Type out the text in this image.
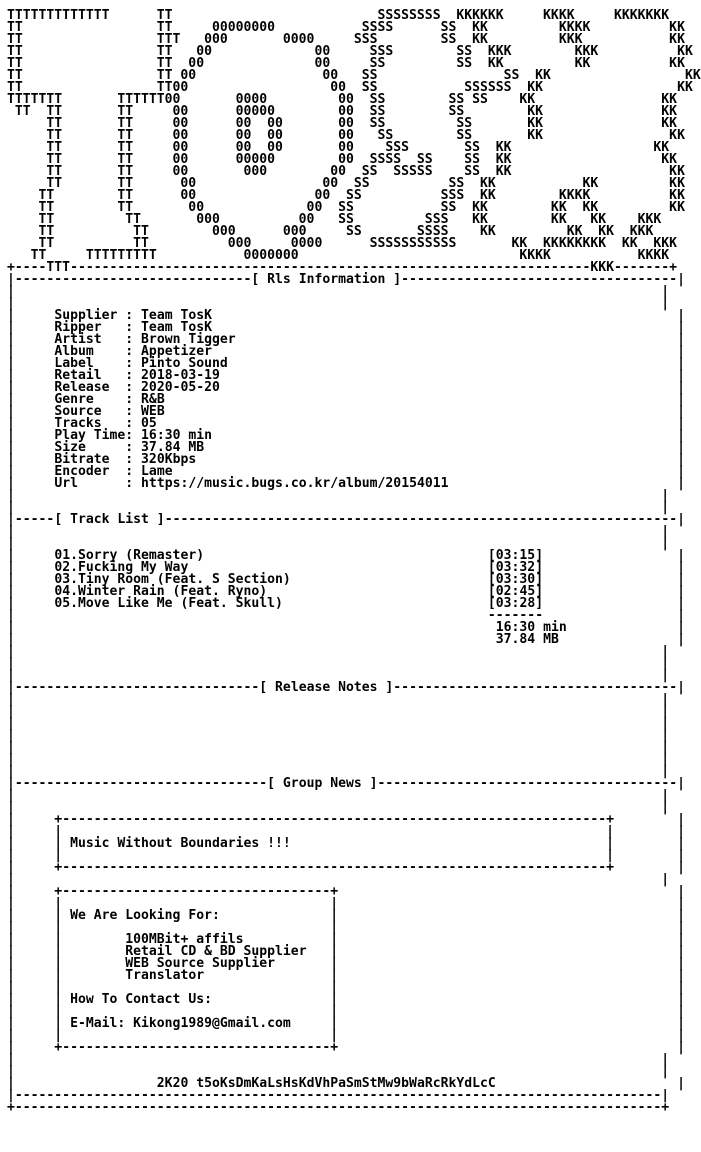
TTTTTTTTTTTTT      TT                          SSSSSSSS  KKKKKK     KKKK     KKKKKKK
TT                 TT     00000000           SSSS      SS  KK         KKKK          KK
TT                 TTT   000       0000     SSS        SS  KK         KKK           KK
TT                 TT   00             00     SSS        SS  KKK        KKK          KK
TT                 TT  00              00     SS         SS  KK         KK          KK
TT                 TT 00                00   SS                SS  KK                 KK
TT                 TT00                  00  SS           SSSSSS  KK                 KK
TTTTTTT       TTTTTT00       0000         00  SS        SS SS    KK                KK
TT  TT       TT     00      00000        00  SS        SS        KK               KK
TT       TT     00      00  00       00  SS         SS       KK               KK
TT       TT     00      00  00       00   SS        SS       KK                KK
TT       TT     00      00  00       00    SSS       SS  KK                  KK
TT       TT     00      00000        00  SSSS  SS    SS  KK                   KK
TT       TT     00       000        00  SS  SSSSS    SS  KK                    KK
TT       TT      00                00  SS          SS  KK           KK         KK
TT        TT      00               00  SS          SSS  KK        KKKK          KK
TT        TT       00             00  SS           SS  KK        KK  KK         KK
TT         TT       000          00   SS         SSS   KK        KK   KK    KKK
TT          TT        000      000     SS       SSSS    KK         KK  KK  KKK
TT          TT          000     0000      SSSSSSSSSSS       KK  KKKKKKKK  KK  KKK
TT     TTTTTTTTT           0000000                            KKKK           KKKK
+----TTT------------------------------------------------------------------KKK-------+
|------------------------------[ Rls Information ]-----------------------------------|
|                                                                                  |
|                                                                                  |
|	Supplier : Team TosK	|
|	Ripper   : Team TosK	|
|	Artist   : Brown Tigger	|
|	Album    : Appetizer	|
|	Label    : Pinto Sound	|
|	Retail   : 2018-03-19	|
|	Release  : 2020-05-20	|
|	Genre    : R&B	|
|	Source   : WEB	|
|	Tracks   : 05	|
|	Play Time: 16:30 min	|
|	Size     : 37.84 MB	|
|	Bitrate  : 320Kbps	|
|	Encoder  : Lame	|
|	Url      : https://music.bugs.co.kr/album/20154011	|
|                                                                                  |
|                                                                                  |
|-----[ Track List ]-----------------------------------------------------------------|
|                                                                                  |
|                                                                                  |
|	01.Sorry (Remaster)	[03:15]	|
|	02.Fucking My Way	[03:32]	|
|	03.Tiny Room (Feat. S Section)	[03:30]	|
|	04.Winter Rain (Feat. Ryno)	[02:45]	|
|	05.Move Like Me (Feat. Skull)	[03:28]	|
|	-------	|
|	16:30 min	|
|	37.84 MB	|
|                                                                                  |
|                                                                                  |
|                                                                                  |
|-------------------------------[ Release Notes ]------------------------------------|
|                                                                                  |
|                                                                                  |
|                                                                                  |
|                                                                                  |
|                                                                                  |
|                                                                                  |
|                                                                                  |
|--------------------------------[ Group News ]--------------------------------------|
|                                                                                  |
|                                                                                  |
|     +---------------------------------------------------------------------+	|
|     |                                                                     |	|
|     | Music Without Boundaries !!!                                        |	|
|     |                                                                     |	|
|     +---------------------------------------------------------------------+	|
|                                                                                  |
|     +----------------------------------+	|
|     |                                  |	|
|     | We Are Looking For:              |	|
|     |                                  |	|
|     |	100MBit+ affils           |	|
|     |	Retail CD & BD Supplier   |	|
|     |	WEB Source Supplier       |	|
|     |	Translator                |	|
|     |                                  |	|
|     | How To Contact Us:               |	|
|     |                                  |	|
|     | E-Mail: Kikong1989@Gmail.com     |	|
|     |                                  |	|
|     +----------------------------------+	|
|                                                                                  |
|                                                                                  |
|	2K20 t5oKsDmKaLsHsKdVhPaSmStMw9bWaRcRkYdLcC	|
|----------------------------------------------------------------------------------|
+----------------------------------------------------------------------------------+
